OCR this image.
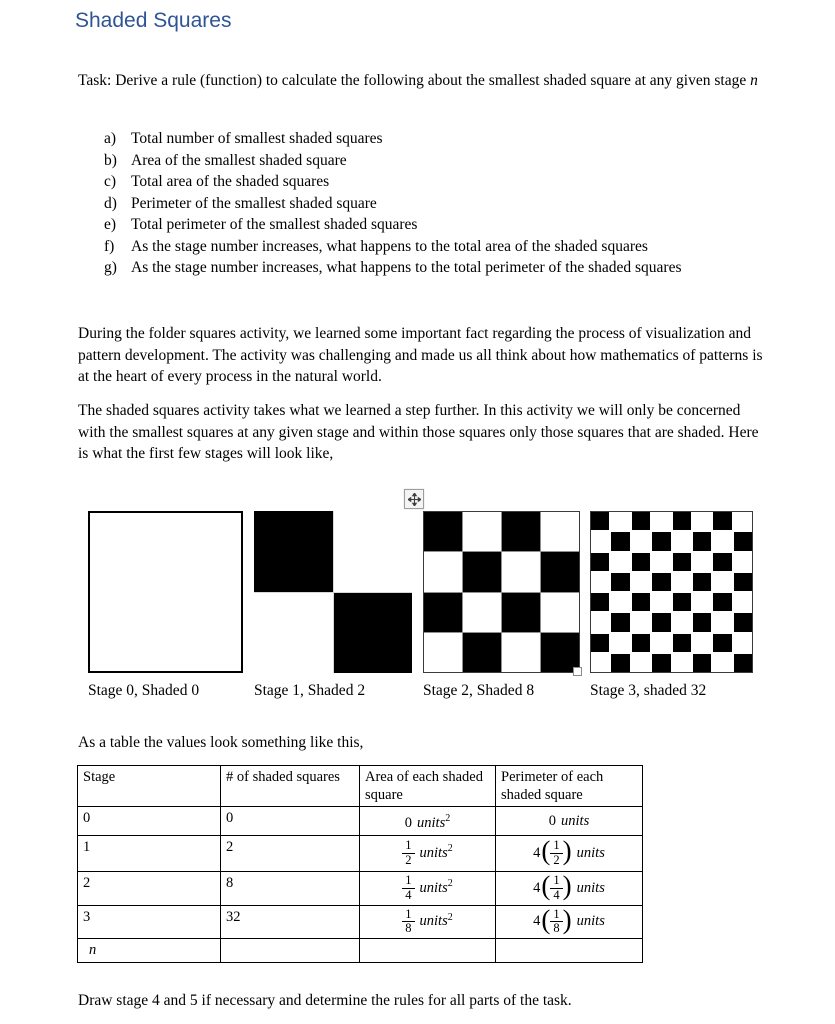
Shaded Squares
Task: Derive a rule (function) to calculate the following about the smallest shaded square at any given stage n
a) Total number of smallest shaded squares
b) Area of the smallest shaded square
c) Total area of the shaded squares
d) Perimeter of the smallest shaded square
e) Total perimeter of the smallest shaded squares
f)	As the stage number increases, what happens to the total area of the shaded squares
g) As the stage number increases, what happens to the total perimeter of the shaded squares
During the folder squares activity, we learned some important fact regarding the process of visualization and pattern development. The activity was challenging and made us all think about how mathematics of patterns is at the heart of every process in the natural world.
The shaded squares activity takes what we learned a step further. In this activity we will only be concerned with the smallest squares at any given stage and within those squares only those squares that are shaded. Here is what the first few stages will look like,
Stage 0, Shaded 0	Stage 1, Shaded 2	Stage 2, Shaded 8	Stage 3, shaded 32
As a table the values look something like this,
Stage	# of shaded squares	Area of each shaded square	Perimeter of each shaded square
0	0	0 units$^2$	0 units
1	2	$\frac{1}{2}$ units$^2$	$4( \frac{1}{2}$ ) units
2	8	$\frac{1}{4}$ units$^2$	$4( \frac{1}{4}$ ) units
3	32	$\frac{1}{8}$ units$^2$	$4( \frac{1}{8}$ ) units
n			
Draw stage 4 and 5 if necessary and determine the rules for all parts of the task.
